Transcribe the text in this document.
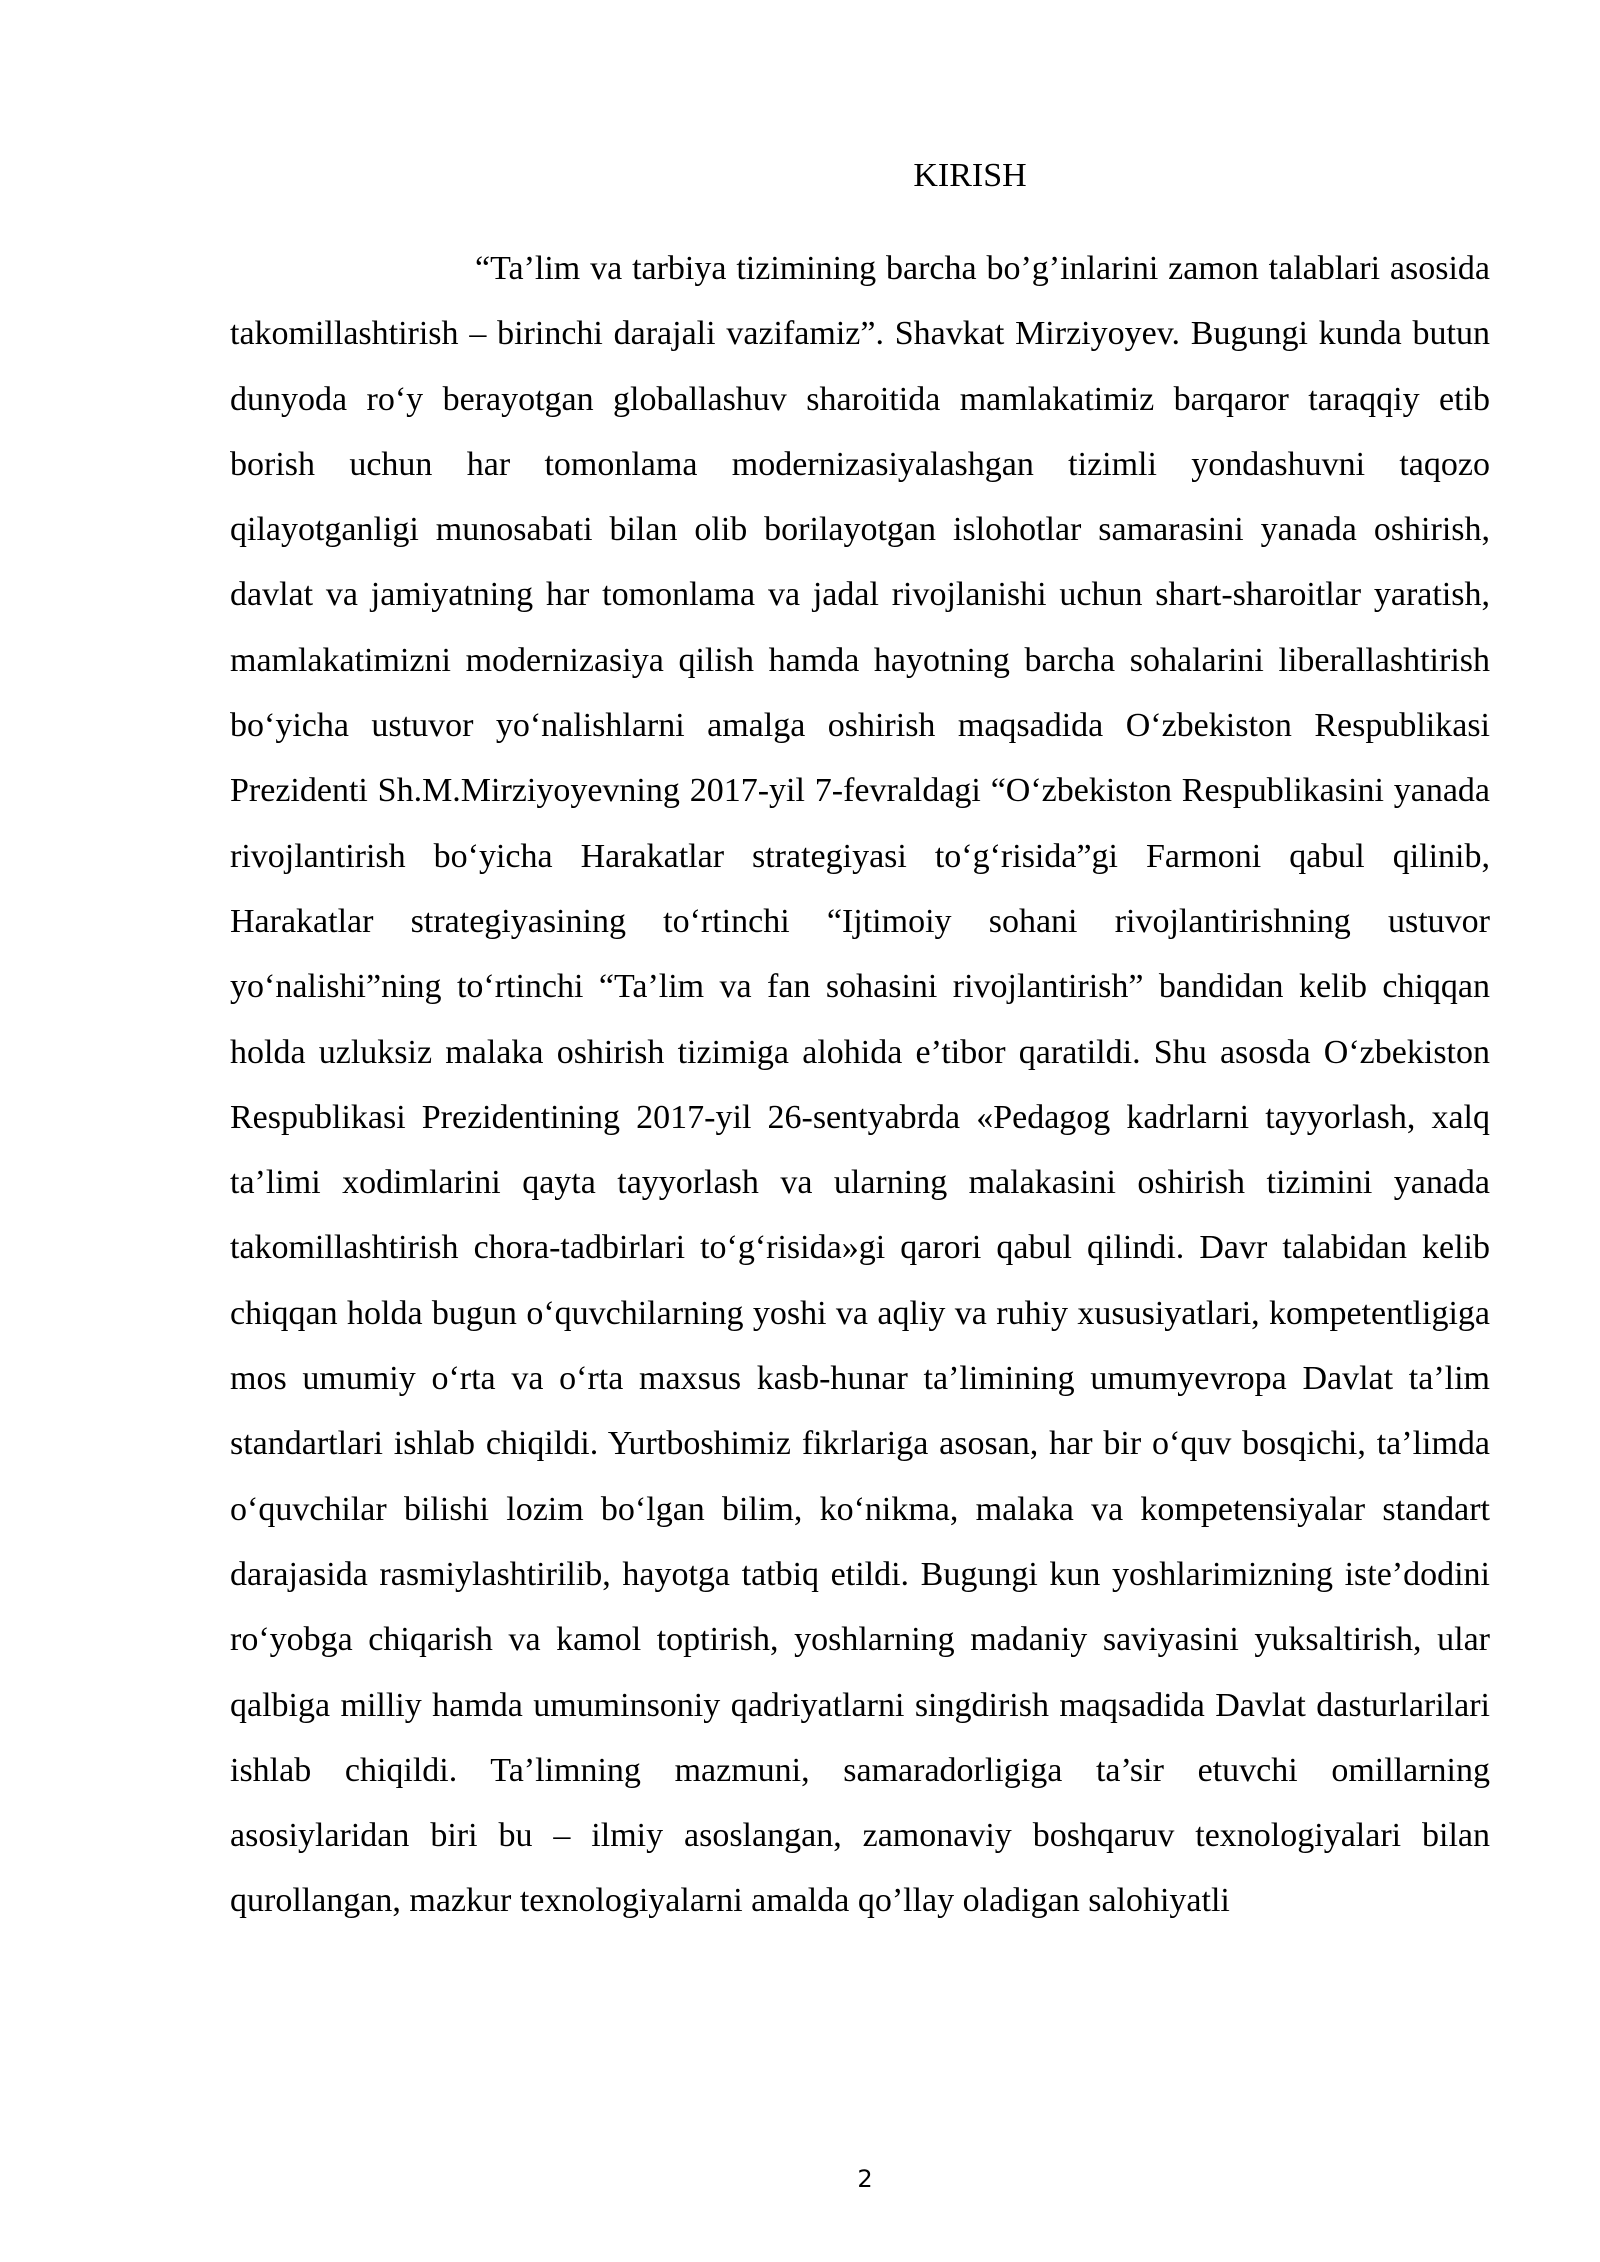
KIRISH

“Ta’lim va tarbiya tizimining barcha bo’g’inlarini zamon talablari asosida takomillashtirish – birinchi darajali vazifamiz”. Shavkat Mirziyoyev. Bugungi kunda butun dunyoda ro‘y berayotgan globallashuv sharoitida mamlakatimiz barqaror taraqqiy etib borish uchun har tomonlama modernizasiyalashgan tizimli yondashuvni taqozo qilayotganligi munosabati bilan olib borilayotgan islohotlar samarasini yanada oshirish, davlat va jamiyatning har tomonlama va jadal rivojlanishi uchun shart-sharoitlar yaratish, mamlakatimizni modernizasiya qilish hamda hayotning barcha sohalarini liberallashtirish bo‘yicha ustuvor yo‘nalishlarni amalga oshirish maqsadida O‘zbekiston Respublikasi Prezidenti Sh.M.Mirziyoyevning 2017-yil 7-fevraldagi “O‘zbekiston Respublikasini yanada rivojlantirish bo‘yicha Harakatlar strategiyasi to‘g‘risida”gi Farmoni qabul qilinib, Harakatlar strategiyasining to‘rtinchi “Ijtimoiy sohani rivojlantirishning ustuvor yo‘nalishi”ning to‘rtinchi “Ta’lim va fan sohasini rivojlantirish” bandidan kelib chiqqan holda uzluksiz malaka oshirish tizimiga alohida e’tibor qaratildi. Shu asosda O‘zbekiston Respublikasi Prezidentining 2017-yil 26-sentyabrda «Pedagog kadrlarni tayyorlash, xalq ta’limi xodimlarini qayta tayyorlash va ularning malakasini oshirish tizimini yanada takomillashtirish chora-tadbirlari to‘g‘risida»gi qarori qabul qilindi. Davr talabidan kelib chiqqan holda bugun o‘quvchilarning yoshi va aqliy va ruhiy xususiyatlari, kompetentligiga mos umumiy o‘rta va o‘rta maxsus kasb-hunar ta’limining umumyevropa Davlat ta’lim standartlari ishlab chiqildi. Yurtboshimiz fikrlariga asosan, har bir o‘quv bosqichi, ta’limda o‘quvchilar bilishi lozim bo‘lgan bilim, ko‘nikma, malaka va kompetensiyalar standart darajasida rasmiylashtirilib, hayotga tatbiq etildi. Bugungi kun yoshlarimizning iste’dodini ro‘yobga chiqarish va kamol toptirish, yoshlarning madaniy saviyasini yuksaltirish, ular qalbiga milliy hamda umuminsoniy qadriyatlarni singdirish maqsadida Davlat dasturlarilari ishlab chiqildi. Ta’limning mazmuni, samaradorligiga ta’sir etuvchi omillarning asosiylaridan biri bu – ilmiy asoslangan, zamonaviy boshqaruv texnologiyalari bilan qurollangan, mazkur texnologiyalarni amalda qo’llay oladigan salohiyatli

2
